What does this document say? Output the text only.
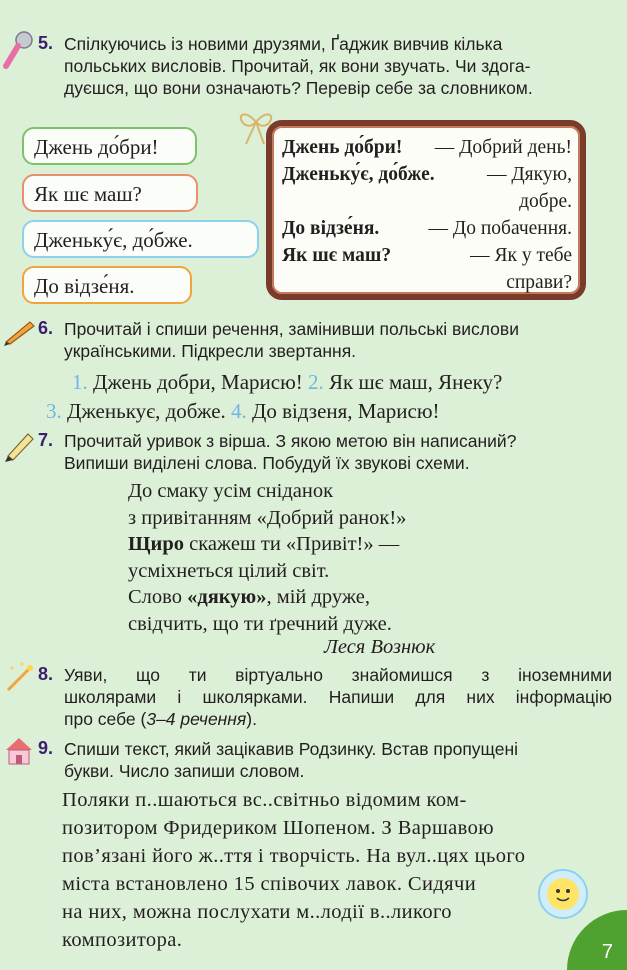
5. Спілкуючись із новими друзями, Ґаджик вивчив кілька
польських висловів. Прочитай, як вони звучать. Чи здога-
дуєшся, що вони означають? Перевір себе за словником.
Джень до́бри!
Як шє маш?
Дженьку́є, до́бже.
До відзе́ня.
Джень до́бри! — Добрий день!
Дженьку́є, до́бже.	— Дякую,
добре.
До відзе́ня.	— До побачення.
Як шє маш?	— Як у тебе
справи?
6. Прочитай і спиши речення, замінивши польські вислови
українськими. Підкресли звертання.
1. Джень добри, Марисю! 2. Як шє маш, Янеку?
3. Дженькує, добже. 4. До відзеня, Марисю!
7. Прочитай уривок з вірша. З якою метою він написаний?
Випиши виділені слова. Побудуй їх звукові схеми.
До смаку усім сніданок
з привітанням «Добрий ранок!»
Щиро скажеш ти «Привіт!» —
усміхнеться цілий світ.
Слово «дякую», мій друже,
свідчить, що ти ґречний дуже.
Леся Вознюк
8. Уяви, що ти віртуально знайомишся з іноземними
школярами і школярками. Напиши для них інформацію
про себе (3–4 речення).
9. Спиши текст, який зацікавив Родзинку. Встав пропущені
букви. Число запиши словом.
Поляки п..шаються вс..світньо відомим ком-
позитором Фридериком Шопеном. З Варшавою
пов’язані його ж..ття і творчість. На вул..цях цього
міста встановлено 15 співочих лавок. Сидячи
на них, можна послухати м..лодії в..ликого
композитора.
7
